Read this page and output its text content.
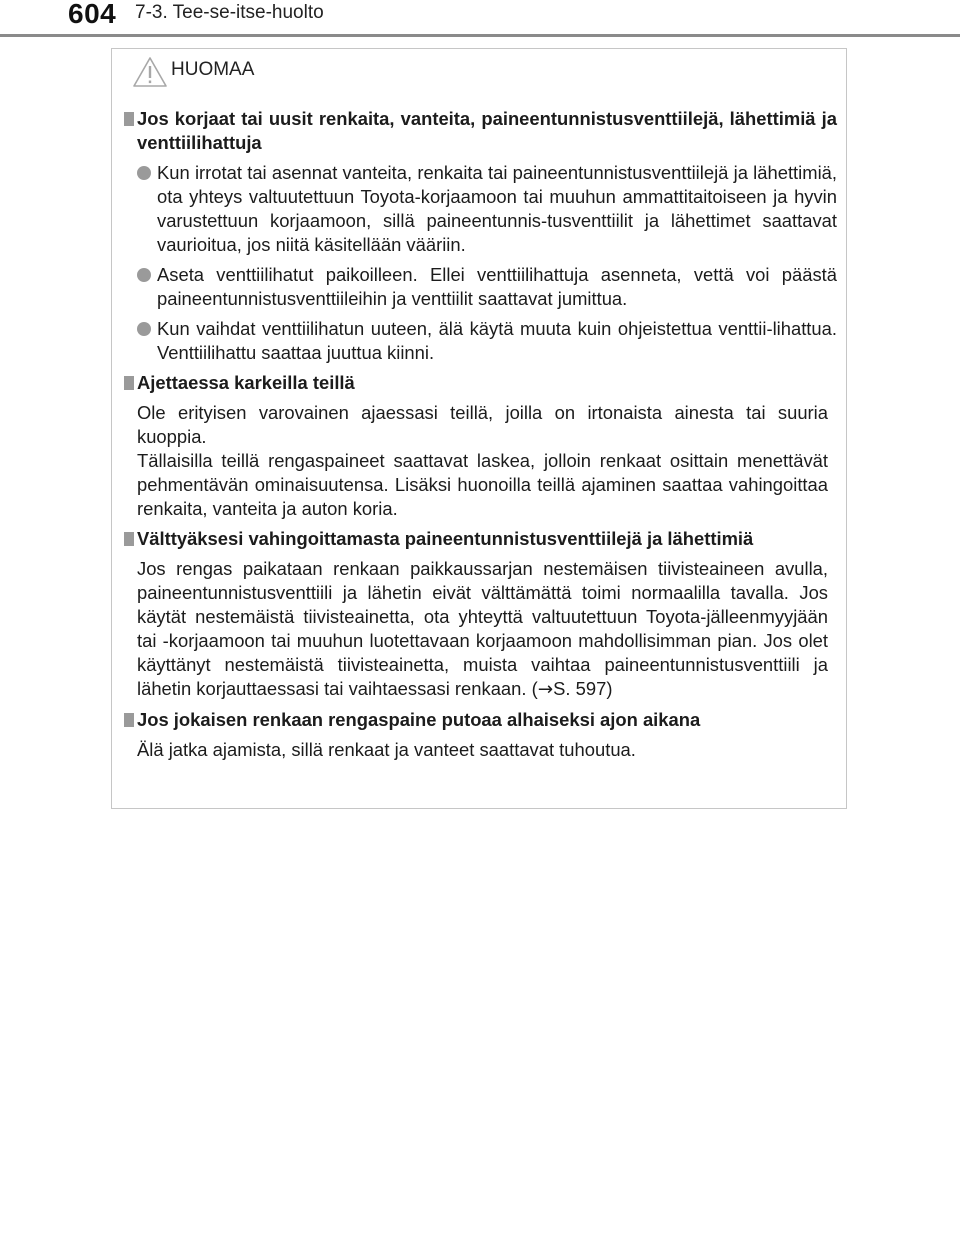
604 7-3. Tee-se-itse-huolto
HUOMAA
Jos korjaat tai uusit renkaita, vanteita, paineentunnistusventtiilejä, lähettimiä ja venttiilihattuja
Kun irrotat tai asennat vanteita, renkaita tai paineentunnistusventtiilejä ja lähettimiä, ota yhteys valtuutettuun Toyota-korjaamoon tai muuhun ammattitaitoiseen ja hyvin varustettuun korjaamoon, sillä paineentunnis-tusventtiilit ja lähettimet saattavat vaurioitua, jos niitä käsitellään vääriin.
Aseta venttiilihatut paikoilleen. Ellei venttiilihattuja asenneta, vettä voi päästä paineentunnistusventtiileihin ja venttiilit saattavat jumittua.
Kun vaihdat venttiilihatun uuteen, älä käytä muuta kuin ohjeistettua venttii-lihattua. Venttiilihattu saattaa juuttua kiinni.
Ajettaessa karkeilla teillä
Ole erityisen varovainen ajaessasi teillä, joilla on irtonaista ainesta tai suuria kuoppia.
Tällaisilla teillä rengaspaineet saattavat laskea, jolloin renkaat osittain menettävät pehmentävän ominaisuutensa. Lisäksi huonoilla teillä ajaminen saattaa vahingoittaa renkaita, vanteita ja auton koria.
Välttyäksesi vahingoittamasta paineentunnistusventtiilejä ja lähettimiä
Jos rengas paikataan renkaan paikkaussarjan nestemäisen tiivisteaineen avulla, paineentunnistusventtiili ja lähetin eivät välttämättä toimi normaalilla tavalla. Jos käytät nestemäistä tiivisteainetta, ota yhteyttä valtuutettuun Toyota-jälleenmyyjään tai -korjaamoon tai muuhun luotettavaan korjaamoon mahdollisimman pian. Jos olet käyttänyt nestemäistä tiivisteainetta, muista vaihtaa paineentunnistusventtiili ja lähetin korjauttaessasi tai vaihtaessasi renkaan. (→S. 597)
Jos jokaisen renkaan rengaspaine putoaa alhaiseksi ajon aikana
Älä jatka ajamista, sillä renkaat ja vanteet saattavat tuhoutua.
